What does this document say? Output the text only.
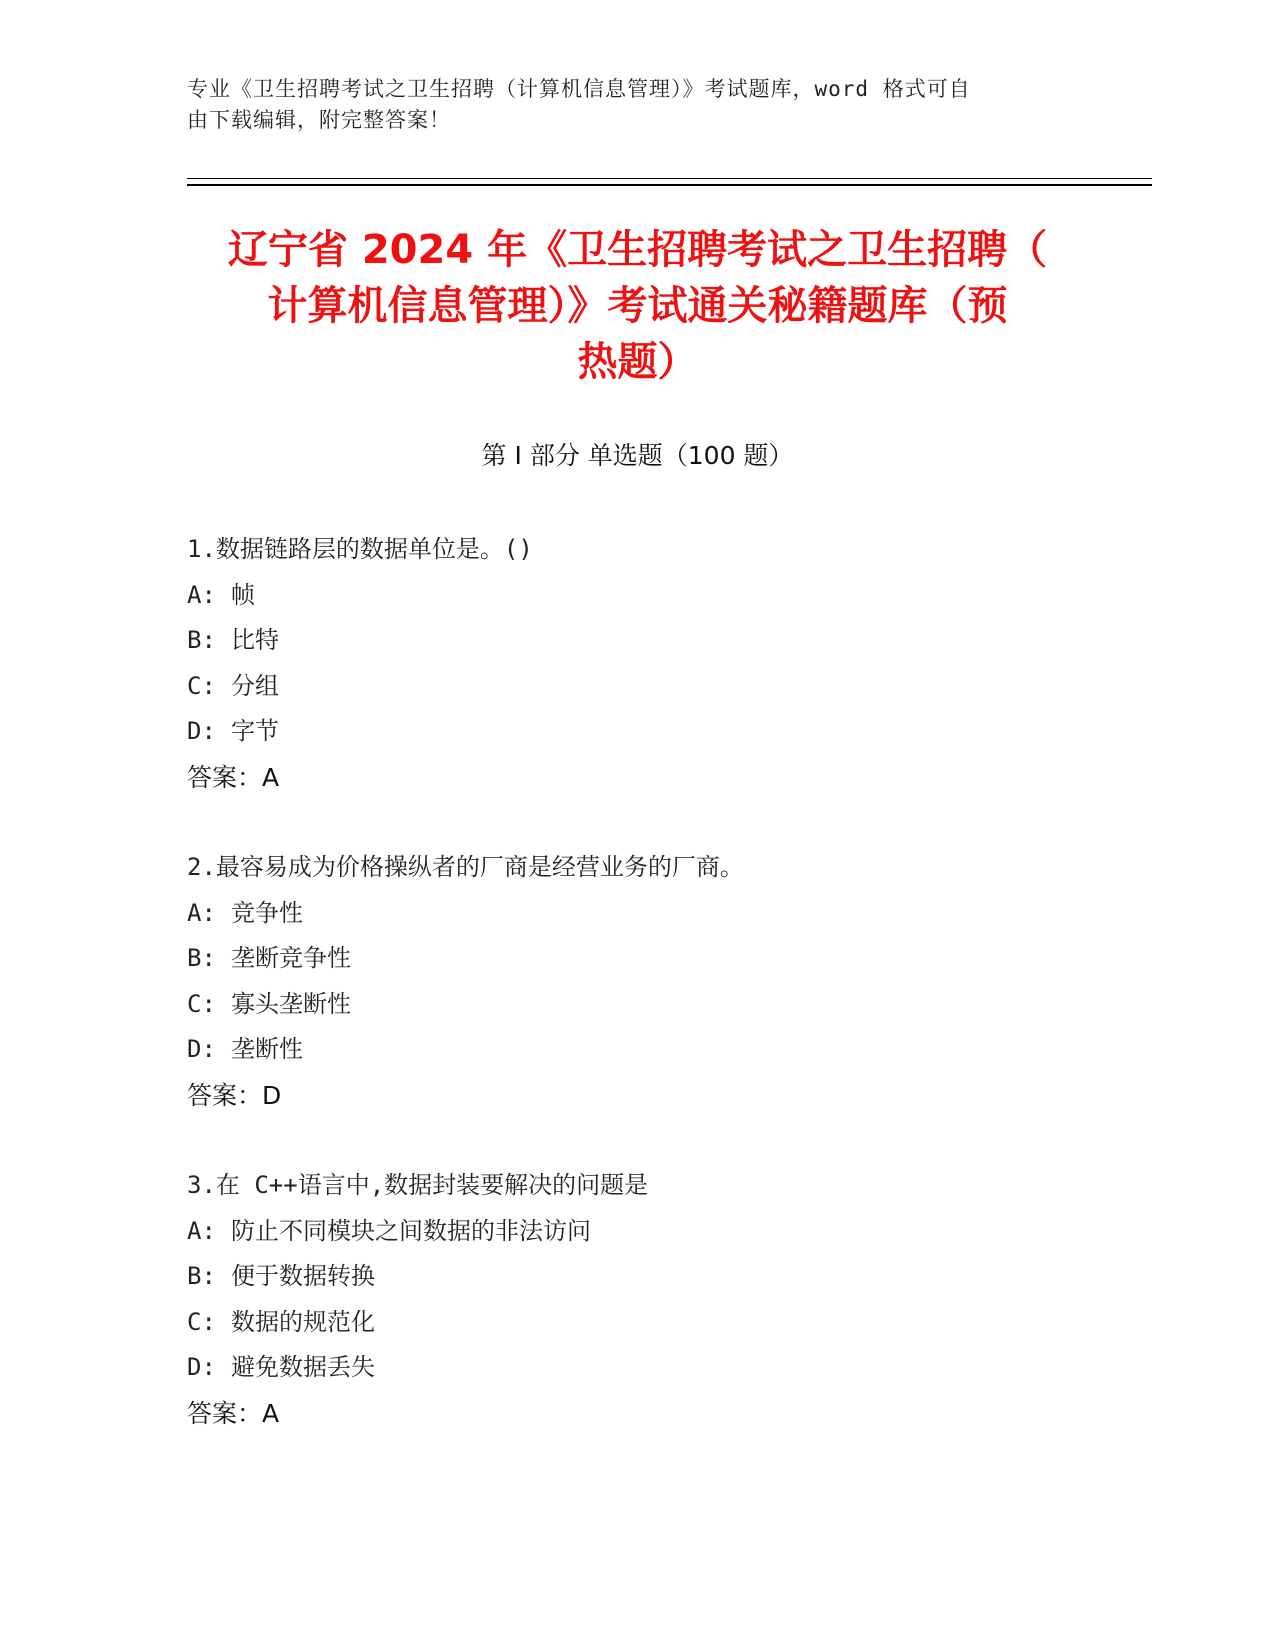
专业《卫生招聘考试之卫生招聘（计算机信息管理）》考试题库，word 格式可自
由下载编辑，附完整答案！
辽宁省 2024 年《卫生招聘考试之卫生招聘（
计算机信息管理）》考试通关秘籍题库（预
热题）
第 I 部分 单选题（100 题）
1.数据链路层的数据单位是。()
A: 帧
B: 比特
C: 分组
D: 字节
答案：A
2.最容易成为价格操纵者的厂商是经营业务的厂商。
A: 竞争性
B: 垄断竞争性
C: 寡头垄断性
D: 垄断性
答案：D
3.在 C++语言中,数据封装要解决的问题是
A: 防止不同模块之间数据的非法访问
B: 便于数据转换
C: 数据的规范化
D: 避免数据丢失
答案：A
